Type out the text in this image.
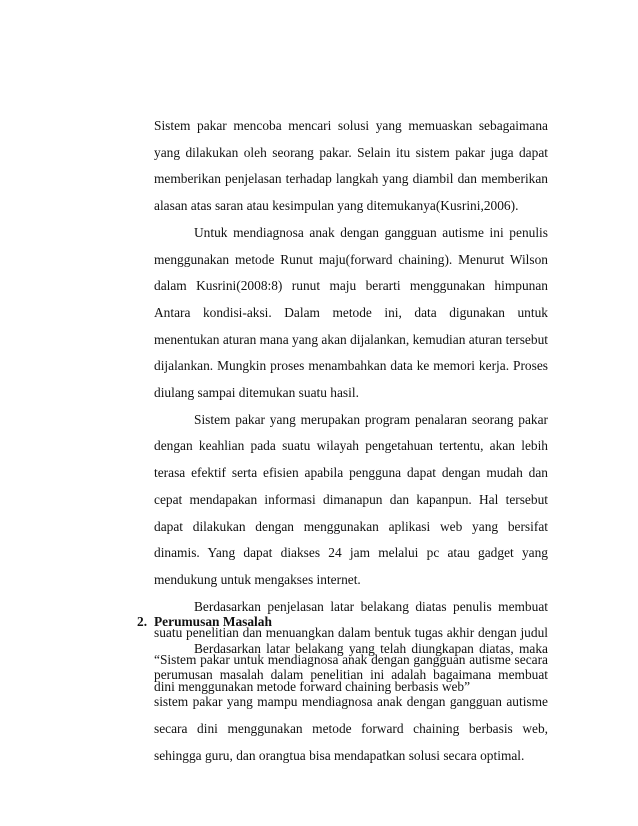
Sistem pakar mencoba mencari solusi yang memuaskan sebagaimana yang dilakukan oleh seorang pakar. Selain itu sistem pakar juga dapat memberikan penjelasan terhadap langkah yang diambil dan memberikan alasan atas saran atau kesimpulan yang ditemukanya(Kusrini,2006).

Untuk mendiagnosa anak dengan gangguan autisme ini penulis menggunakan metode Runut maju(forward chaining). Menurut Wilson dalam Kusrini(2008:8) runut maju berarti menggunakan himpunan Antara kondisi-aksi. Dalam metode ini, data digunakan untuk menentukan aturan mana yang akan dijalankan, kemudian aturan tersebut dijalankan. Mungkin proses menambahkan data ke memori kerja. Proses diulang sampai ditemukan suatu hasil.

Sistem pakar yang merupakan program penalaran seorang pakar dengan keahlian pada suatu wilayah pengetahuan tertentu, akan lebih terasa efektif serta efisien apabila pengguna dapat dengan mudah dan cepat mendapakan informasi dimanapun dan kapanpun. Hal tersebut dapat dilakukan dengan menggunakan aplikasi web yang bersifat dinamis. Yang dapat diakses 24 jam melalui pc atau gadget yang mendukung untuk mengakses internet.

Berdasarkan penjelasan latar belakang diatas penulis membuat suatu penelitian dan menuangkan dalam bentuk tugas akhir dengan judul “Sistem pakar untuk mendiagnosa anak dengan gangguan autisme secara dini menggunakan metode forward chaining berbasis web”

2. Perumusan Masalah

Berdasarkan latar belakang yang telah diungkapan diatas, maka perumusan masalah dalam penelitian ini adalah bagaimana membuat sistem pakar yang mampu mendiagnosa anak dengan gangguan autisme secara dini menggunakan metode forward chaining berbasis web, sehingga guru, dan orangtua bisa mendapatkan solusi secara optimal.
